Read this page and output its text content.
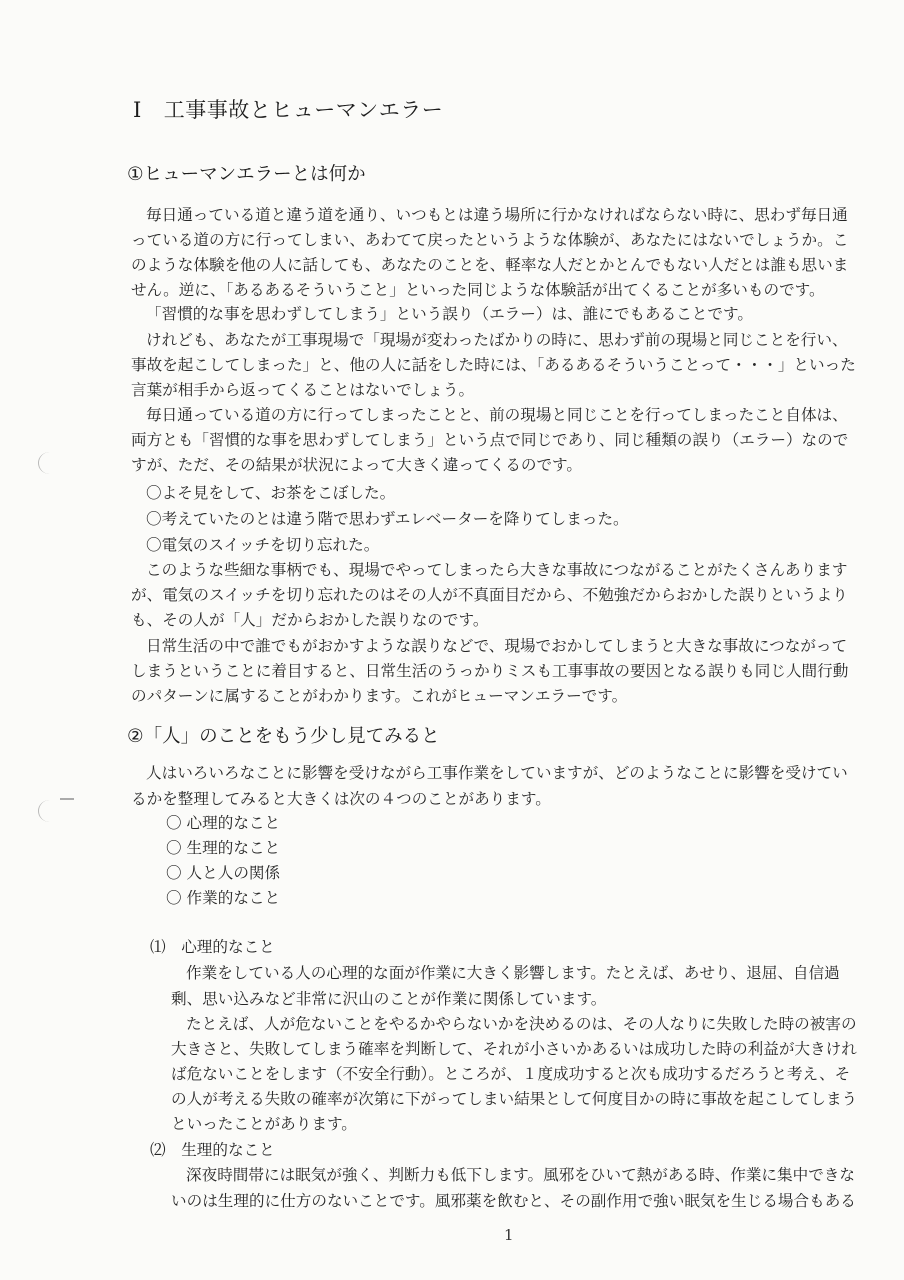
I 工事事故とヒューマンエラー
①ヒューマンエラーとは何か
毎日通っている道と違う道を通り、いつもとは違う場所に行かなければならない時に、思わず毎日通
っている道の方に行ってしまい、あわてて戻ったというような体験が、あなたにはないでしょうか。こ
のような体験を他の人に話しても、あなたのことを、軽率な人だとかとんでもない人だとは誰も思いま
せん。逆に、「あるあるそういうこと」といった同じような体験話が出てくることが多いものです。
「習慣的な事を思わずしてしまう」という誤り（エラー）は、誰にでもあることです。
けれども、あなたが工事現場で「現場が変わったばかりの時に、思わず前の現場と同じことを行い、
事故を起こしてしまった」と、他の人に話をした時には、「あるあるそういうことって・・・」といった
言葉が相手から返ってくることはないでしょう。
毎日通っている道の方に行ってしまったことと、前の現場と同じことを行ってしまったこと自体は、
両方とも「習慣的な事を思わずしてしまう」という点で同じであり、同じ種類の誤り（エラー）なので
すが、ただ、その結果が状況によって大きく違ってくるのです。
〇よそ見をして、お茶をこぼした。
〇考えていたのとは違う階で思わずエレベーターを降りてしまった。
〇電気のスイッチを切り忘れた。
このような些細な事柄でも、現場でやってしまったら大きな事故につながることがたくさんあります
が、電気のスイッチを切り忘れたのはその人が不真面目だから、不勉強だからおかした誤りというより
も、その人が「人」だからおかした誤りなのです。
日常生活の中で誰でもがおかすような誤りなどで、現場でおかしてしまうと大きな事故につながって
しまうということに着目すると、日常生活のうっかりミスも工事事故の要因となる誤りも同じ人間行動
のパターンに属することがわかります。これがヒューマンエラーです。
②「人」のことをもう少し見てみると
人はいろいろなことに影響を受けながら工事作業をしていますが、どのようなことに影響を受けてい
るかを整理してみると大きくは次の４つのことがあります。
〇 心理的なこと
〇 生理的なこと
〇 人と人の関係
〇 作業的なこと
⑴　心理的なこと
作業をしている人の心理的な面が作業に大きく影響します。たとえば、あせり、退屈、自信過
剰、思い込みなど非常に沢山のことが作業に関係しています。
たとえば、人が危ないことをやるかやらないかを決めるのは、その人なりに失敗した時の被害の
大きさと、失敗してしまう確率を判断して、それが小さいかあるいは成功した時の利益が大きけれ
ば危ないことをします（不安全行動）。ところが、１度成功すると次も成功するだろうと考え、そ
の人が考える失敗の確率が次第に下がってしまい結果として何度目かの時に事故を起こしてしまう
といったことがあります。
⑵　生理的なこと
深夜時間帯には眠気が強く、判断力も低下します。風邪をひいて熱がある時、作業に集中できな
いのは生理的に仕方のないことです。風邪薬を飲むと、その副作用で強い眠気を生じる場合もある
1
